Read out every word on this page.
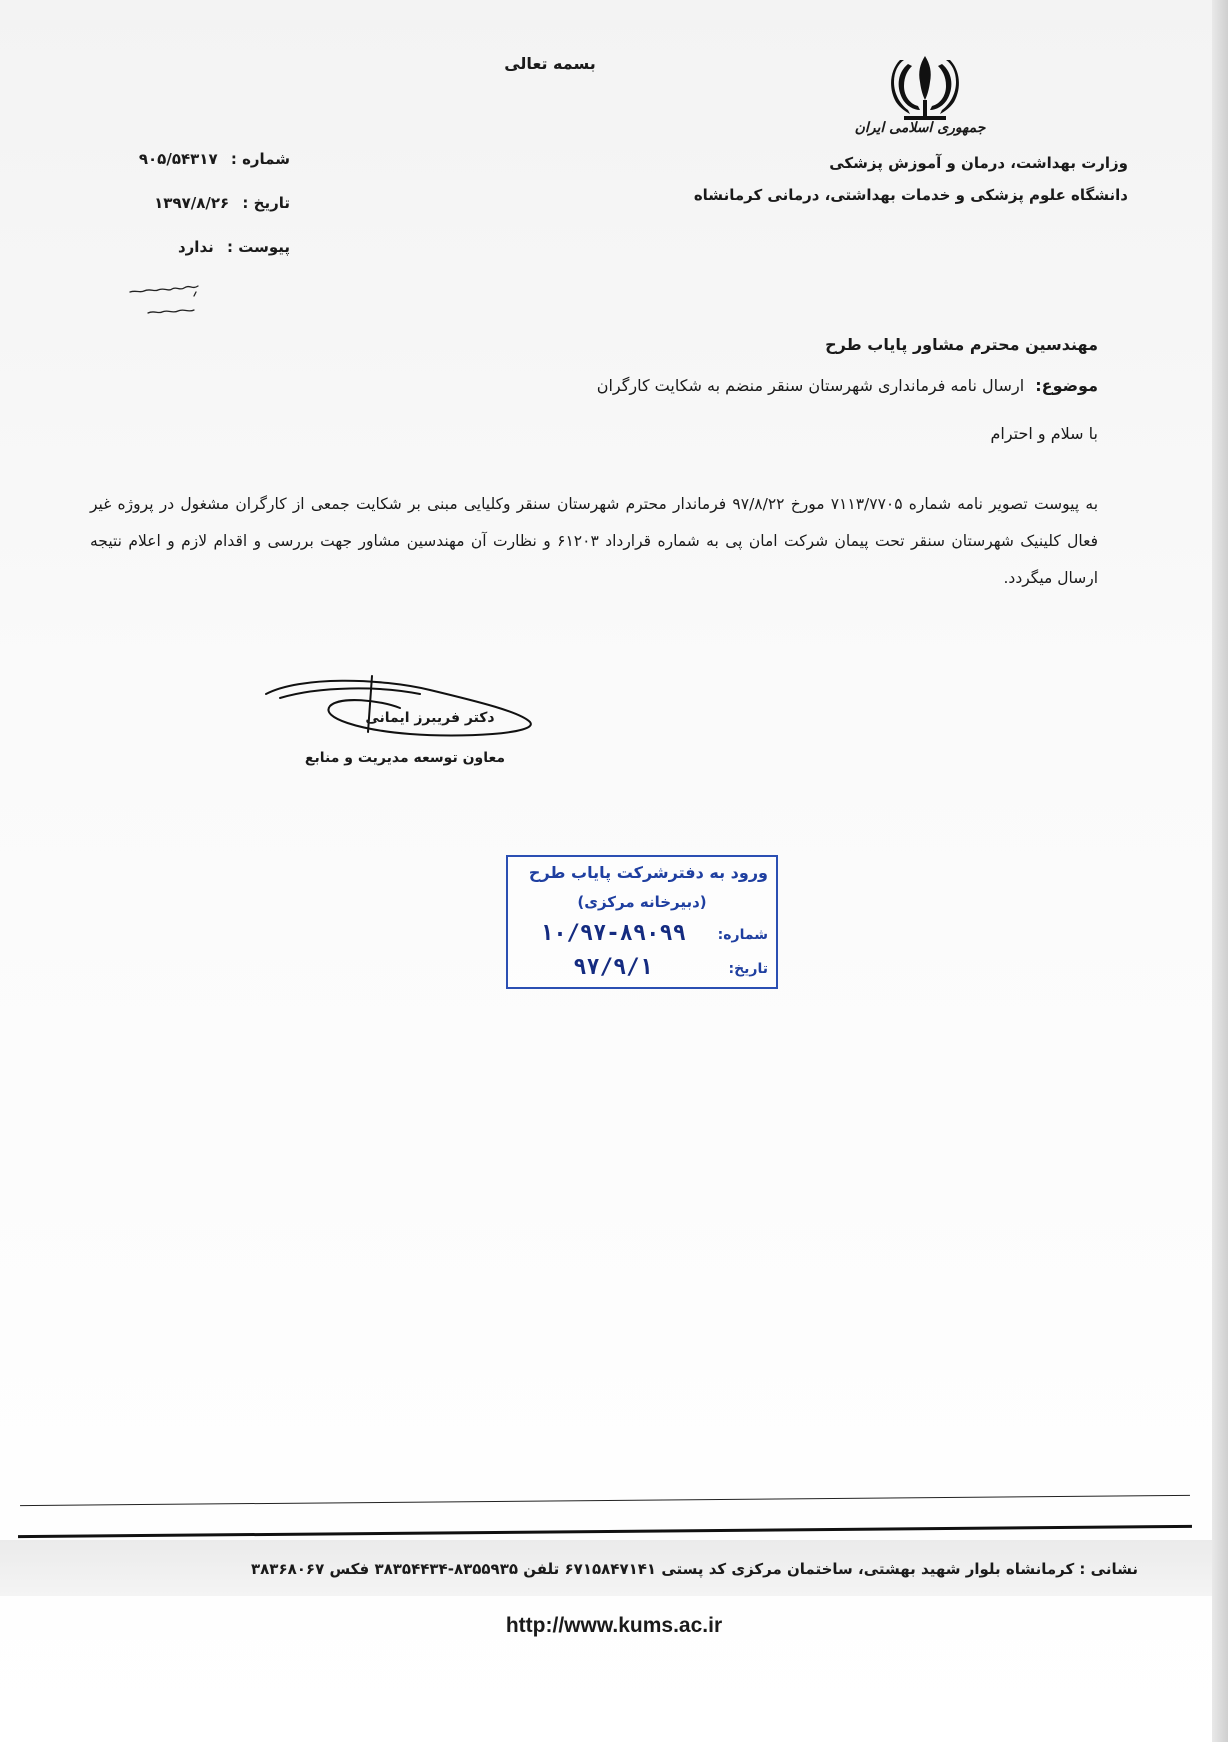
بسمه تعالی
جمهوری اسلامی ایران
وزارت بهداشت، درمان و آموزش پزشکی
دانشگاه علوم پزشکی و خدمات بهداشتی، درمانی کرمانشاه
شماره : ۹۰۵/۵۴۳۱۷
تاریخ : ۱۳۹۷/۸/۲۶
پیوست : ندارد
مهندسین محترم مشاور پایاب طرح
موضوع: ارسال نامه فرمانداری شهرستان سنقر منضم به شکایت کارگران
با سلام و احترام
به پیوست تصویر نامه شماره ۷۱۱۳/۷۷۰۵ مورخ ۹۷/۸/۲۲ فرماندار محترم شهرستان سنقر وکلیایی مبنی بر شکایت جمعی از کارگران مشغول در پروژه غیر فعال کلینیک شهرستان سنقر تحت پیمان شرکت امان پی به شماره قرارداد ۶۱۲۰۳ و نظارت آن مهندسین مشاور جهت بررسی و اقدام لازم و اعلام نتیجه ارسال میگردد.
دکتر فریبرز ایمانی
معاون توسعه مدیریت و منابع
ورود به دفترشرکت پایاب طرح
(دبیرخانه مرکزی)
شماره:
۱۰/۹۷-۸۹۰۹۹
تاریخ:
۹۷/۹/۱
نشانی : کرمانشاه بلوار شهید بهشتی، ساختمان مرکزی کد پستی ۶۷۱۵۸۴۷۱۴۱ تلفن ۸۳۵۵۹۳۵-۳۸۳۵۴۴۳۴ فکس ۳۸۳۶۸۰۶۷
http://www.kums.ac.ir
